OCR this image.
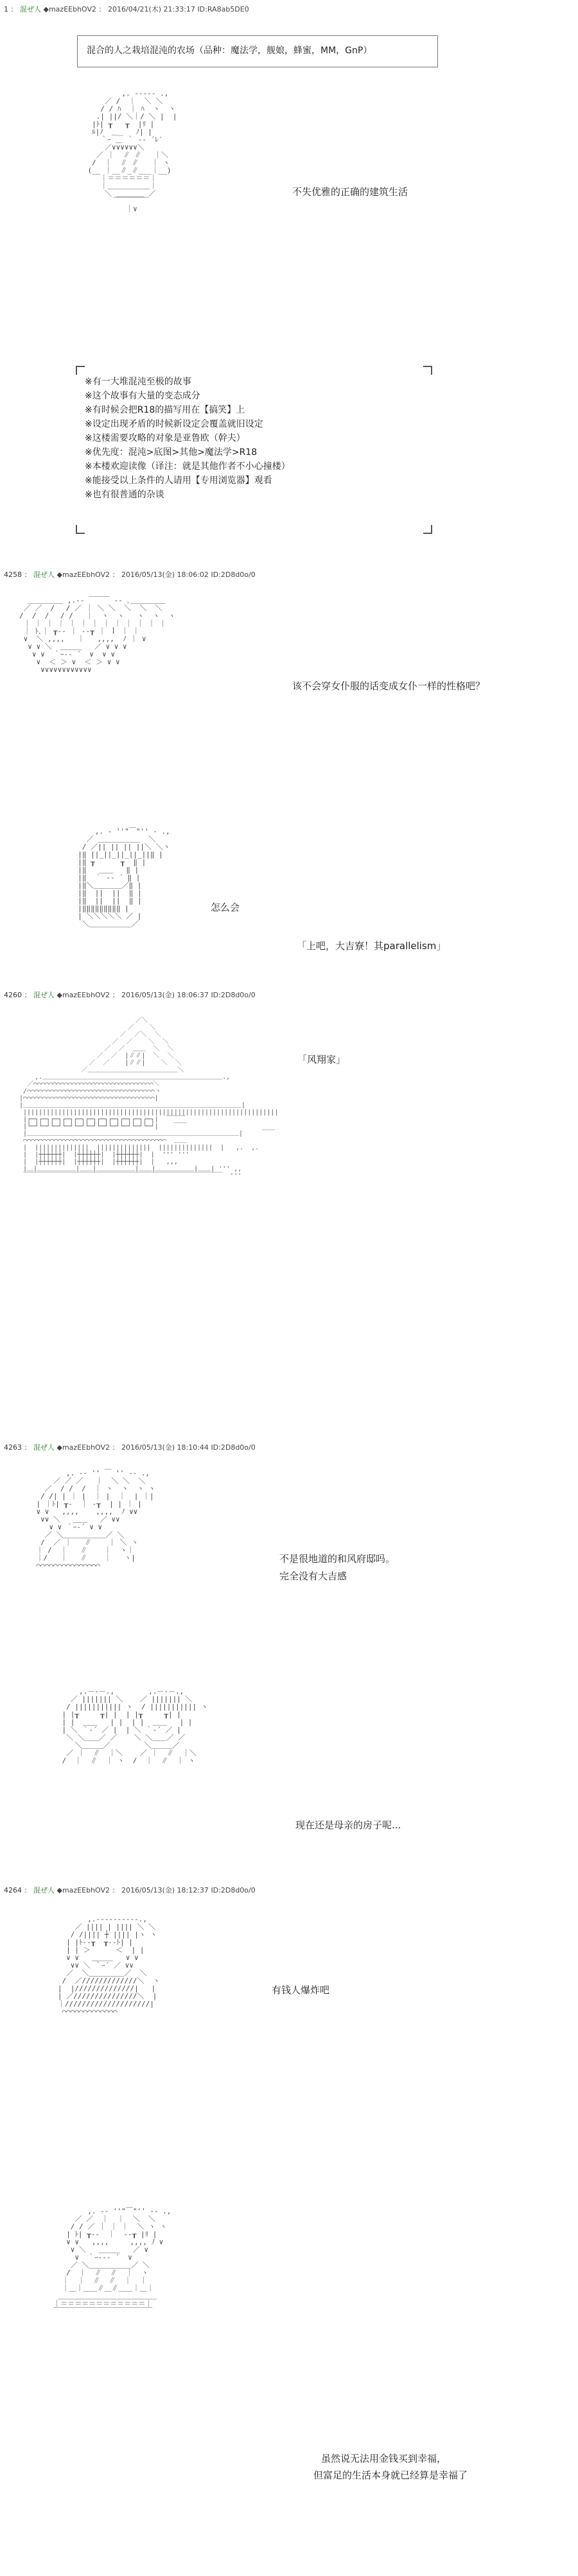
1 ： 混ぜ人 ◆mazEEbhOV2 ： 2016/04/21(木) 21:33:17 ID:RA8ab5DE0
混合的人之栽培混沌的农场（品种：魔法学，舰娘，蜂蜜，MM，GnP）
,. -‐‐‐- .,
／ /  ｜  ＼ ＼
/ / ﾊ  ｜ ﾊ  ヽ  ヽ
.| ||/ ＼｜/ ＼ |  |
|ﾄ| ┰   ┰  |ﾘ |
ﾙ|ﾉ  ＿_   ﾉ| |
｀ｰ ＿ ｀ ‐- ´ﾚ′
／∨∨∨∨∨∨＼
／ ｜  ∥ ∥   ｜＼
/  ｜  ∥ ∥   ｜ ヽ
(__ ｜__∥_∥___｜__)
｜＝＝＝＝＝＝｜
｜＿＿＿＿＿＿｜
＼ ＿＿＿＿ ／
￣￣￣￣￣
｜∨

不失优雅的正确的建筑生活
※有一大堆混沌至极的故事
※这个故事有大量的变态成分
※有时候会把R18的描写用在【搞笑】上
※设定出现矛盾的时候新设定会覆盖就旧设定
※这楼需要攻略的对象是亚鲁欧（幹夫）
※优先度：混沌>底图>其他>魔法学>R18
※本楼欢迎读像（译注：就是其他作者不小心撞楼）
※能接受以上条件的人请用【专用浏览器】观看
※也有很普通的杂谈
4258 ： 混ぜ人 ◆mazEEbhOV2 ： 2016/05/13(金) 18:06:02 ID:2D8d0o/0
＿＿＿＿＿ ,.-‐ ￣￣￣ ‐- ､＿＿＿＿＿
／ ／  / 　/ ／ ｜ ＼ ＼  ＼  ＼  ＼
/  /  / 　/ /   ｜  ヽ  ヽ   ヽ  ヽ  ヽ
｜ ｜ ｜ ｜ ｜ ｜ ｜ ｜ ｜ ｜ ｜ ｜ ｜
｜ ﾄ､｜ ┰‐‐ ｜ ‐‐┰ ｜ ｌ ｜ ｜
∨  ＼ ,,,,   ｜   ,,,,  ﾉ ｜ ∨
∨ ∨ ＼  ＿＿＿   ／ ∨ ∨ ∨
∨ ∨  ｀ｰ-‐ ´  ∨  ∨ ∨
∨  ＜ ＞ ∨  ＜ ＞ ∨ ∨
∨∨∨∨∨∨∨∨∨∨∨∨

该不会穿女仆服的话变成女仆一样的性格吧？
,. ‐ ''"￣"'' ‐ .,
／ ＿＿＿＿＿＿  ＼
/ ／|| || || ||＼ ＼ヽ
|‖ ||_||_||_||_||‖ |
|‖ ┰      ┰  ‖ |
|‖   ＿＿   ‖ |
|‖  ｀ ‐‐ ´ ‖ |
|‖＼＿＿＿＿／‖ |
|‖  ||  ||  ‖ |
|‖  ||  ||  ‖ |
|‖‖‖‖‖‖‖‖‖ |
| ＼＼＼＼＼ ／ |
＼＿＿＿＿＿＿／

怎么会
「上吧，大吉寮！其parallelism」
4260 ： 混ぜ人 ◆mazEEbhOV2 ： 2016/05/13(金) 18:06:37 ID:2D8d0o/0
「风翔家」
／＼
／    ＼
／  ／＼  ＼
／  ／    ＼  ＼
／  ／  ＿＿  ＼  ＼
／  ／  |∥∥|  ＼  ＼
／  ／    |∥∥|    ＼  ＼
／＿＿＿＿＿＿＿＿＿＿＿＿＿＿＼
,.＿＿＿＿＿＿＿＿＿＿＿＿＿＿＿＿＿＿＿＿＿＿＿＿＿＿＿＿.,
／⌒⌒⌒⌒⌒⌒⌒⌒⌒⌒⌒⌒⌒⌒⌒⌒⌒⌒⌒⌒⌒⌒⌒⌒⌒⌒⌒⌒⌒⌒⌒＼
/⌒⌒⌒⌒⌒⌒⌒⌒⌒⌒⌒⌒⌒⌒⌒⌒⌒⌒⌒⌒⌒⌒⌒⌒⌒⌒⌒⌒⌒⌒⌒⌒⌒ヽ
|⌒⌒⌒⌒⌒⌒⌒⌒⌒⌒⌒⌒⌒⌒⌒⌒⌒⌒⌒⌒⌒⌒⌒⌒⌒⌒⌒⌒⌒⌒⌒⌒⌒⌒|
|＿＿＿＿＿＿＿＿＿＿＿＿＿＿＿＿＿＿＿＿＿＿＿＿＿＿＿＿＿＿＿＿＿＿|
||||||||||||||||||||||||||||||||||||||||||||||||||||||||||||||||||
|┌─┐┌─┐┌─┐┌─┐┌─┐┌─┐┌─┐┌─┐┌─┐┌─┐┌─┐|  ￣￣￣
|└─┘└─┘└─┘└─┘└─┘└─┘└─┘└─┘└─┘└─┘└─┘|    ￣￣
|＿＿＿＿＿＿＿＿＿＿＿＿＿＿＿＿＿＿＿＿＿＿＿＿＿＿＿＿＿＿＿＿＿|     ￣￣
⌒⌒⌒⌒⌒⌒⌒⌒⌒⌒⌒⌒⌒⌒⌒⌒⌒⌒⌒⌒⌒⌒⌒⌒⌒⌒⌒⌒⌒⌒⌒⌒⌒⌒⌒⌒⌒  ＿＿
|  ||||||||||||||  ||||||||||||||  ||||||||||||||  |   ,.  ,.
|  |┼┼┼┼┼┼|  |┼┼┼┼┼┼|  |┼┼┼┼┼┼|  |  ''' '''
|  |┼┼┼┼┼┼|  |┼┼┼┼┼┼|  |┼┼┼┼┼┼|  |   ,,,
|＿|＿＿＿＿＿＿|＿＿|＿＿＿＿＿＿|＿＿|＿＿＿＿＿＿|＿＿| ''' ,,
￣￣￣￣￣￣￣￣￣￣￣￣￣￣￣￣￣￣￣￣￣￣￣￣￣￣￣￣￣￣￣  '''

4263 ： 混ぜ人 ◆mazEEbhOV2 ： 2016/05/13(金) 18:10:44 ID:2D8d0o/0
,. -‐ '' ￣ '' ‐- .,
／ ／ ／   ｜  ＼ ＼  ＼
／  / /  /  ｜ ヽ  ヽ  ヽ ヽ
/ /| | ｜ |  ｜ |  ｜  | ｜|
| ｜ﾄ| ┰‐  ｜ ‐┰  | | ｜ |
∨ ∨   ,,,,    ,,,,  ﾉ ∨∨
∨∨ ＼   ＿＿   ／ ∨∨
∨ ∨ ｀ｰ‐´ ∨ ∨
／ ＼＿＿＿＿＿＿／ ＼
/  ／ ｜   ∥    ｜ ＼ ヽ
｜ /  ｜   ∥    ｜  ヽ｜
｜/   ｜   ∥    ｜   ヽ|
⌒⌒⌒⌒⌒⌒⌒⌒⌒⌒⌒⌒⌒⌒⌒

不是很地道的和风府邸吗。
完全没有大吉感
,.－‐－.,        ,.－‐－.,
／ ||||||| ＼    ／ ||||||| ＼
/ ||||||||||| ヽ  / ||||||||||| ヽ
| |┰     ┰| |  | |┰     ┰| |
| |  ＿＿   | |  | |  ＿＿   | |
| ＼ ｀‐´ ／ |  | ＼ ｀‐´ ／ |
＼ ＼＿＿／ ／    ＼ ＼＿＿／ ／
＼＿＿＿／        ＼＿＿＿／
／ ｜  ∥  ｜＼    ／ ｜  ∥  ｜＼
/  ｜  ∥  ｜ ヽ  /  ｜  ∥  ｜ ヽ

现在还是母亲的房子呢...
4264 ： 混ぜ人 ◆mazEEbhOV2 ： 2016/05/13(金) 18:12:37 ID:2D8d0o/0
,.-‐‐‐‐‐‐‐‐-.,
／ |||| | |||| ＼ ＼
/ /|||| ┼ |||| |ヽ ヽ
| |ﾄ‐‐┰  ┰‐‐ﾄ| |
| | ＞      ＜  | |
∨ ∨   ＿＿＿   ∨ ∨
∨∨ ＼ ｀ｰ´ ／ ∨∨
／  ＼＿＿＿＿＿／  ＼
/  ／/////////////＼  ヽ
|  |//////////////|   |
| ／///////////////＼  |
｜////////////////////|
⌒⌒⌒⌒⌒⌒⌒⌒⌒⌒⌒⌒⌒

有钱人爆炸吧
,. -‐ ''"￣"'' ‐- .,
／ ／  ｜  ｜  ＼  ＼
/ / ／ ｜ ｜ ｜  ＼ ヽ ヽ
| ﾄ| ┰‐‐  ｜  ‐‐┰ |ﾘ |
∨ ∨   ,,,,     ,,,, ﾉ ∨
∨ ＼   ＿＿＿   ／ ∨
∨  ｀ｰ‐‐‐ ´  ∨
／ ＼＿＿＿＿＿＿／ ＼
/  ｜  ∥  ∥  ｜  ヽ
｜  ｜  ∥  ∥  ｜  ｜
｜＿｜＿＿∥＿∥＿＿｜＿｜
＿＿＿＿＿＿＿＿＿＿＿＿＿＿
｜＝＝＝＝＝＝＝＝＝＝＝＝｜
￣￣￣￣￣￣￣￣￣￣￣￣￣￣

虽然说无法用金钱买到幸福，
但富足的生活本身就已经算是幸福了
